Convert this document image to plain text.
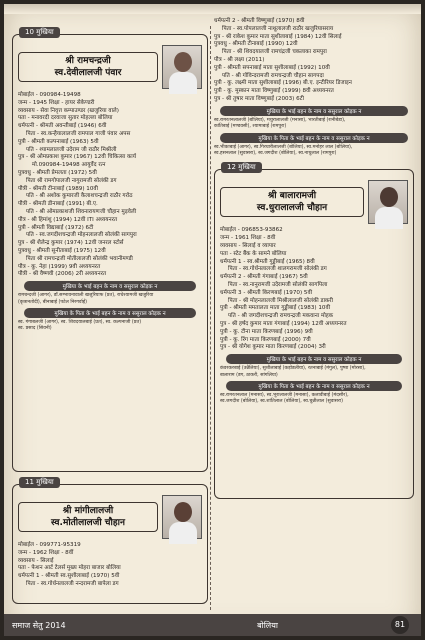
10 मुखिया
श्री रामचन्द्रजी
स्व.देवीलालजी पंवार
मोबाईल - 090984-19498
जन्म - 1945 शिक्षा - हायर सेकेण्डरी
व्यवसाय - सेवा निवृत्त कम्पाउण्डर (खजुरिया वाले)
पता - मनावरदी दरवाजा सुतार मोहल्ला बोलिया
धर्मपत्नी - श्रीमती अवन्तीबाई (1946) 6वी
पिता - स्व.कन्हैयालालजी रामपाल गाजी पंवार अपस
पुत्री - श्रीमती कल्पनाबाई (1963) 5वी
पति - श्यामलालजी उदेराम जी राठौर मिश्रीली
पुत्र - श्री ओमप्रकाश कुमार (1967) 12वी चिकित्सा कार्य
मो.090984-19498 आयुर्वेद रत्न
पुत्रवधु - श्रीमती प्रेमलता (1972) 5वी
पिता श्री रामगोपालजी नागुरामजी सोलंकी डग
पौत्री - श्रीमती टीनाबाई (1989) 10वी
पति - श्री अशोक कुमारजी कैलाशचन्द्रजी राठौर गरोठ
पौत्री - श्रीमती डीनाबाई (1991) बी.ए.
पति - श्री ओमप्रकाशजी शिवनारायणजी चौहान मुड़वेली
पौत्र - श्री हिमांशु (1994) 12वी ITI अध्ययनरत
पुत्री - श्रीमती विद्याबाई (1972) 6टी
पति - स्व.जगदीशचन्द्रजी मोहनलालजी सोलंकी सागपुरा
पुत्र - श्री शैलेन्द्र कुमार (1974) 12वी जनरल स्टोर्स
पुत्रवधु - श्रीमती सुनीताबाई (1975) 12वी
पिता श्री रामचन्द्रजी मोतीलालजी सोलंकी भवानीमण्डी
पौत्र - कु. नेहा (1999) 9वी अध्ययनरत
पौत्री - श्री वैष्णवी (2006) 2री अध्ययनरत
मुखिया के भाई बहन के नाम व ससुराल कोड़क न
रामचन्दजी (आगर), डॉ.सम्भावनावाली खजुरियाफ (प्रत), राधेश्यामजी खजुरिया
(कृत्रानतोदी), बीनाबाई (पटेल निरगर्वाई)
मुखिया के पिता के भाई बहन के नाम व ससुराल कोड़क न
स्व. गंगाबलजी (आगर), स्व. शिवदयालबाई (प्रत), स्व. कल्पनाजी (प्रत)
स्व. प्रसाद (सिवनी)
11 मुखिया
श्री मांगीलालजी
स्व.मोतीलालजी चौहान
मोबाईल - 099771-95319
जन्म - 1962 शिक्षा - 8वीं
व्यवसाय - सिलाई
पता - फेशन आर्ट टेलर्स मुख्य मोहरा बाजार बोलिया
धर्मपत्नी 1 - श्रीमती स्व.सुशीलाबाई (1970) 5वी
पिता - स्व.गोर्धनलालजी नन्दरामजी बापेला डग
धर्मपत्नी 2 - श्रीमती विष्णुबाई (1970) 8वी
पिता - स्व.पोपलालजी नाथूलालजी राठौर खजुरियासराय
पुत्र - श्री राकेश कुमार माता सुशीलाबाई (1984) 12वी सिलाई
पुत्रवधु - श्रीमती टीनाबाई (1990) 12वी
पिता - श्री शिवदयालजी रामचंद्रजी चकलाका रामपुरा
पौत्र - श्री लक्ष्य (2011)
पुत्री - श्रीमती सपनाबाई माता सुशीलाबाई (1992) 10वी
पति - श्री गोविन्दरामजी रामचन्द्रजी चौहान सागपदा
पुत्री - कु. लक्ष्मी माता सुशीलाबाई (1996) बी.ए. इन्टीरियर डिजाइन
पुत्री - कु. मुस्कान माता विष्णुबाई (1999) 8वी अध्ययनरत
पुत्र - श्री तुषार माता विष्णुबाई (2003) 6टी
मुखिया के भाई बहन के नाम व ससुराल कोड़क न
स्व.रामरतनलालजी (बोलिया), मथुरालालजी (मनासा), भारतीबाई (रानीबेडा),
कांतिबाई (मण्डवसी), श्यामाबाई (रामपुरा)
मुखिया के पिता के भाई बहन के नाम व ससुराल कोड़क न
स्व.भीकाबाई (आगर), स्व.गिरधारीलालजी (बोलिया), स्व.मनोहर लाल (बोलिया),
स्व.हसनलाल (सुवासरा), स्व.जगदीश (बोलिया), स्व.नाथुलाल (रामपुरा)
12 मुखिया
श्री बालारामजी
स्व.धुरालालजी चौहान
मोबाईल - 096853-93862
जन्म - 1961 शिक्षा - 8वी
व्यवसाय - सिलाई व व्यापार
पता - स्टेट बैंक के सामने बोलिया
धर्मपत्नी 1 - स्व.श्रीमती गुड्डीबाई (1965) 8वी
पिता - स्व.गोर्धनलालजी शालगरामजी सोलंकी डग
धर्मपत्नी 2 - श्रीमती गंगाबाई (1967) 5वी
पिता - स्व.नानुरामजी उदेरामजी सोलंकी सागपिला
धर्मपत्नी 3 - श्रीमती किरणबाई (1970) 5वी
पिता - श्री मोहनलालजी मिश्रीलालजी सोलंकी डाकरी
पुत्री - श्रीमती ममतालता माता गुड्डीबाई (1983) 10वी
पति - श्री जगदीशचन्द्रजी रामचन्द्रजी मकवाना मोहक
पुत्र - श्री हर्षद कुमार माता गंगाबाई (1994) 12वी अध्ययनरत
पुत्री - कु. टीना माता किरणबाई (1996) 9वी
पुत्री - कु. रिंग माता किरणबाई (2000) 7वी
पुत्र - श्री योगेश कुमार माता किरणबाई (2004) 3री
मुखिया के भाई बहन के नाम व ससुराल कोड़क न
कंवरकरबाई (उन्नैलिया), सुशीलाबाई (कड़ोडलीया), रतनाबाई (मंगुल), पुष्पा (मोरसा),
बालाराम (डग, ठाकरी, सांगलिया)
मुखिया के पिता के भाई बहन के नाम व ससुराल कोड़क न
स्व.रामरतनलाल (मनासा), स्व.भूरालालजी (मनासा), कलावीबाई (मंदसौर),
स्व.जगदीश (बोलिया), स्व.शांतिलाल (बोलिया), स्व.चुन्नीलाल (सुवासरा)
समाज सेतु 2014	बोलिया	81
